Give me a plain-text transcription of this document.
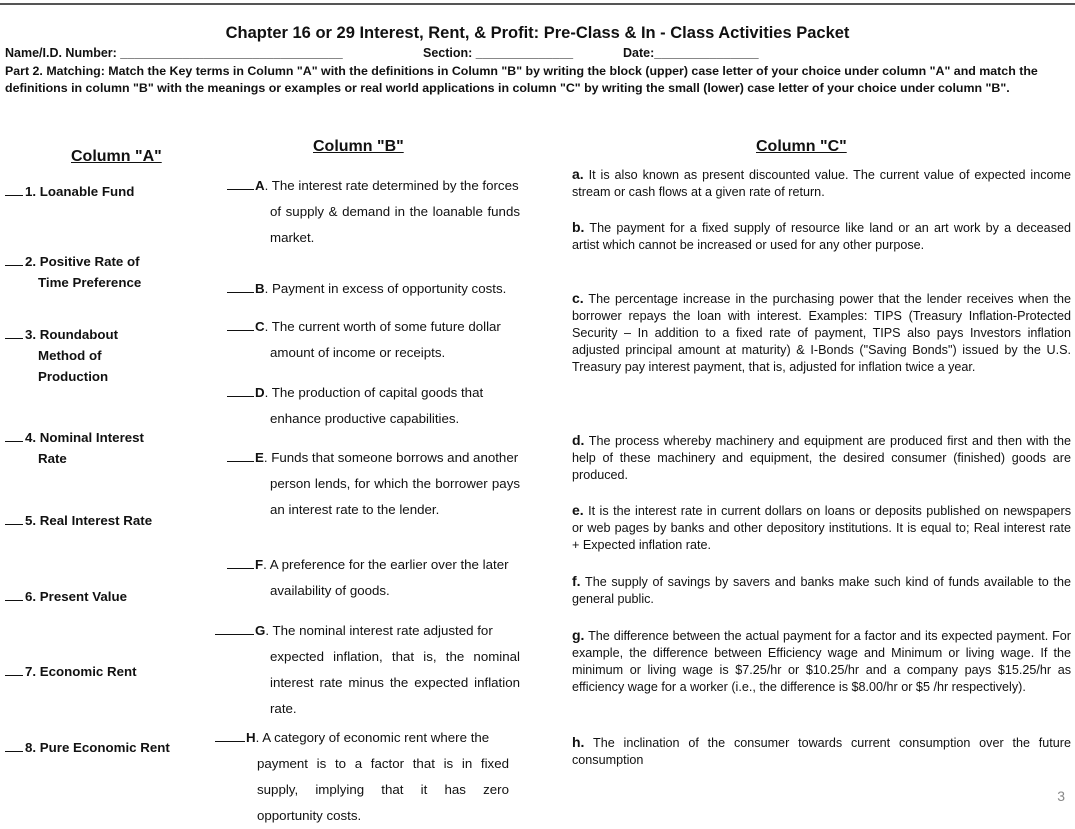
Chapter 16 or 29 Interest, Rent, & Profit: Pre-Class & In - Class Activities Packet
Name/I.D. Number: ________________________________	Section: ______________	Date:_______________
Part 2. Matching: Match the Key terms in Column "A" with the definitions in Column "B" by writing the block (upper) case letter of your choice under column "A" and match the definitions in column "B" with the meanings or examples or real world applications in column "C" by writing the small (lower) case letter of your choice under column "B".
Column "A"
Column "B"	Column "C"
1. Loanable Fund
2. Positive Rate of
Time Preference
3. Roundabout
Method of
Production
4. Nominal Interest
Rate
5. Real Interest Rate
6. Present Value
7. Economic Rent
8. Pure Economic Rent
A. The interest rate determined by the forces
of supply & demand in the loanable funds market.
B. Payment in excess of opportunity costs.
C. The current worth of some future dollar
amount of income or receipts.
D. The production of capital goods that
enhance productive capabilities.
E. Funds that someone borrows and another
person lends, for which the borrower pays an interest rate to the lender.
F. A preference for the earlier over the later
availability of goods.
G. The nominal interest rate adjusted for
expected inflation, that is, the nominal interest rate minus the expected inflation rate.
H. A category of economic rent where the
payment is to a factor that is in fixed supply, implying that it has zero opportunity costs.
a. It is also known as present discounted value. The current value of expected income stream or cash flows at a given rate of return.
b. The payment for a fixed supply of resource like land or an art work by a deceased artist which cannot be increased or used for any other purpose.
c. The percentage increase in the purchasing power that the lender receives when the borrower repays the loan with interest. Examples: TIPS (Treasury Inflation-Protected Security – In addition to a fixed rate of payment, TIPS also pays Investors inflation adjusted principal amount at maturity) & I-Bonds ("Saving Bonds") issued by the U.S. Treasury pay interest payment, that is, adjusted for inflation twice a year.
d. The process whereby machinery and equipment are produced first and then with the help of these machinery and equipment, the desired consumer (finished) goods are produced.
e. It is the interest rate in current dollars on loans or deposits published on newspapers or web pages by banks and other depository institutions. It is equal to; Real interest rate + Expected inflation rate.
f. The supply of savings by savers and banks make such kind of funds available to the general public.
g. The difference between the actual payment for a factor and its expected payment. For example, the difference between Efficiency wage and Minimum or living wage. If the minimum or living wage is $7.25/hr or $10.25/hr and a company pays $15.25/hr as efficiency wage for a worker (i.e., the difference is $8.00/hr or $5 /hr respectively).
h. The inclination of the consumer towards current consumption over the future consumption
3
